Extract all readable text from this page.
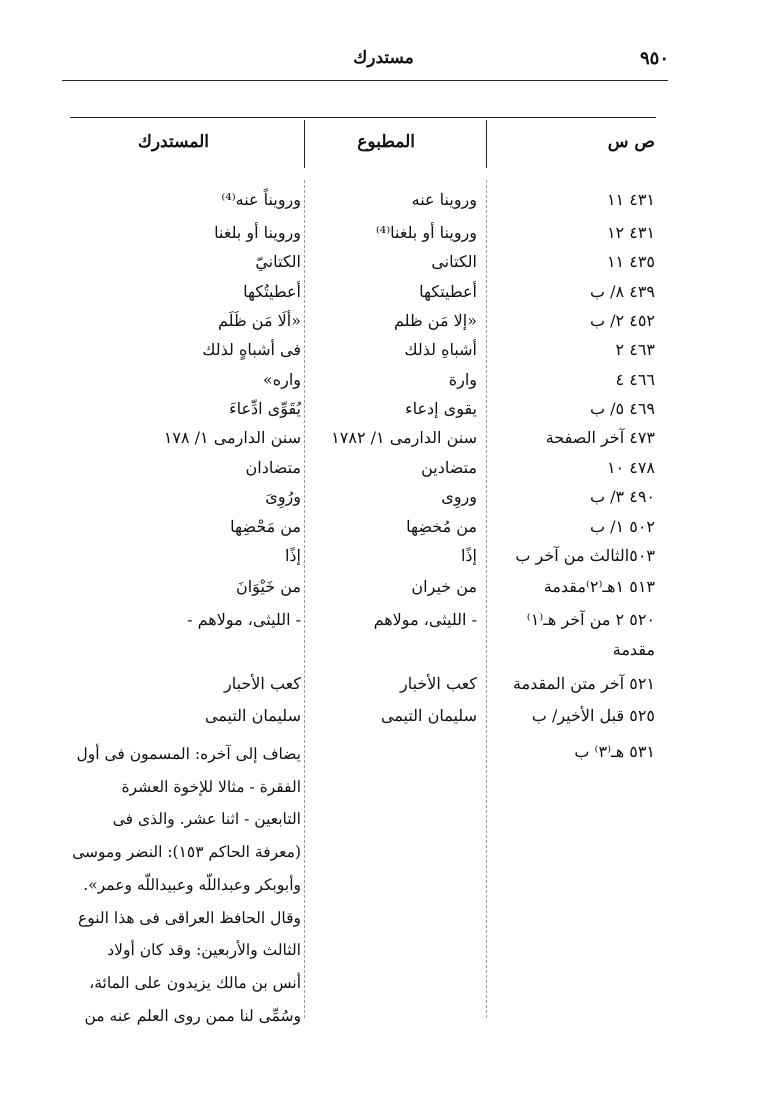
٩٥٠
مستدرك
ص س
المطبوع
المستدرك
٤٣١ ١١
وروينا عنه
ورويناً عنه⁽⁴⁾
٤٣١ ١٢
وروينا أو بلغنا⁽⁴⁾
وروينا أو بلغنا
٤٣٥ ١١
الكتانى
الكتانيّ
٤٣٩ ٨/ ب
أعطيتكها
أعطيتُكها
٤٥٢ ٢/ ب
«إلا مَن ظلم
«ألَا مَن ظَلَم
٤٦٣ ٢
أشباهِ لذلك
فى أشباهٍ لذلك
٤٦٦ ٤
وارة
واره»
٤٦٩ ٥/ ب
يقوى إدعاء
يُقَوِّى ادِّعاءَ
٤٧٣ آخر الصفحة
سنن الدارمى ١/ ١٧٨٢
سنن الدارمى ١/ ١٧٨
٤٧٨ ١٠
متضادين
متضادان
٤٩٠ ٣/ ب
وروِى
ورُوِىَ
٥٠٢ ١/ ب
من مُخضِها
من مَحْضِها
٥٠٣الثالث من آخر ب
إذًا
إذًا
٥١٣ ١هـ⁽٢⁾مقدمة
من خيران
من خَيْوَانَ
٥٢٠ ٢ من آخر هـ⁽١⁾
- الليثى، مولاهم
- الليثى، مولاهم -
مقدمة
٥٢١ آخر متن المقدمة
كعب الأخبار
كعب الأحبار
٥٢٥ قبل الأخير/ ب
سليمان التيمى
سليمان التيمى
٥٣١ هـ⁽٣⁾ ب

يضاف إلى آخره: المسمون فى أول

الفقرة - مثالا للإخوة العشرة

التابعين - اثنا عشر. والذى فى

(معرفة الحاكم ١٥٣): النضر وموسى

وأبوبكر وعبداللّه وعبيداللّه وعمر».

وقال الحافظ العراقى فى هذا النوع

الثالث والأربعين: وقد كان أولاد

أنس بن مالك يزيدون على المائة،

وسُمِّى لنا ممن روى العلم عنه من
